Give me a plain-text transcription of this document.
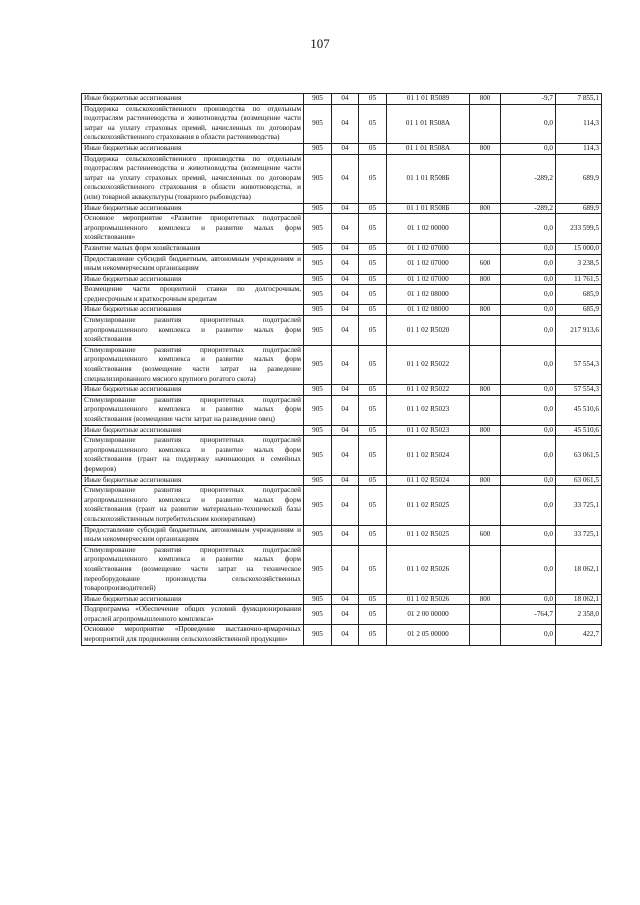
107
Иные бюджетные ассигнования	905	04	05	01 1 01 R5089	800	-9,7	7 855,1
Поддержка сельскохозяйственного производства по отдельным подотраслям растениеводства и животноводства (возмещение части затрат на уплату страховых премий, начисленных по договорам сельскохозяйственного страхования в области растениеводства)	905	04	05	01 1 01 R508A		0,0	114,3
Иные бюджетные ассигнования	905	04	05	01 1 01 R508A	800	0,0	114,3
Поддержка сельскохозяйственного производства по отдельным подотраслям растениеводства и животноводства (возмещение части затрат на уплату страховых премий, начисленных по договорам сельскохозяйственного страхования в области животноводства, и (или) товарной аквакультуры (товарного рыбоводства)	905	04	05	01 1 01 R508Б		-289,2	689,9
Иные бюджетные ассигнования	905	04	05	01 1 01 R508Б	800	-289,2	689,9
Основное мероприятие «Развитие приоритетных подотраслей агропромышленного комплекса и развитие малых форм хозяйствования»	905	04	05	01 1 02 00000		0,0	233 599,5
Развитие малых форм хозяйствования	905	04	05	01 1 02 07000		0,0	15 000,0
Предоставление субсидий бюджетным, автономным учреждениям и иным некоммерческим организациям	905	04	05	01 1 02 07000	600	0,0	3 238,5
Иные бюджетные ассигнования	905	04	05	01 1 02 07000	800	0,0	11 761,5
Возмещение части процентной ставки по долгосрочным, среднесрочным и краткосрочным кредитам	905	04	05	01 1 02 08000		0,0	685,9
Иные бюджетные ассигнования	905	04	05	01 1 02 08000	800	0,0	685,9
Стимулирование развития приоритетных подотраслей агропромышленного комплекса и развитие малых форм хозяйствования	905	04	05	01 1 02 R5020		0,0	217 913,6
Стимулирование развития приоритетных подотраслей агропромышленного комплекса и развитие малых форм хозяйствования (возмещение части затрат на разведение специализированного мясного крупного рогатого скота)	905	04	05	01 1 02 R5022		0,0	57 554,3
Иные бюджетные ассигнования	905	04	05	01 1 02 R5022	800	0,0	57 554,3
Стимулирование развития приоритетных подотраслей агропромышленного комплекса и развитие малых форм хозяйствования (возмещение части затрат на разведение овец)	905	04	05	01 1 02 R5023		0,0	45 510,6
Иные бюджетные ассигнования	905	04	05	01 1 02 R5023	800	0,0	45 510,6
Стимулирование развития приоритетных подотраслей агропромышленного комплекса и развитие малых форм хозяйствования (грант на поддержку начинающих и семейных фермеров)	905	04	05	01 1 02 R5024		0,0	63 061,5
Иные бюджетные ассигнования	905	04	05	01 1 02 R5024	800	0,0	63 061,5
Стимулирование развития приоритетных подотраслей агропромышленного комплекса и развитие малых форм хозяйствования (грант на развитие материально-технической базы сельскохозяйственным потребительским кооперативам)	905	04	05	01 1 02 R5025		0,0	33 725,1
Предоставление субсидий бюджетным, автономным учреждениям и иным некоммерческим организациям	905	04	05	01 1 02 R5025	600	0,0	33 725,1
Стимулирование развития приоритетных подотраслей агропромышленного комплекса и развитие малых форм хозяйствования (возмещение части затрат на техническое переоборудование производства сельскохозяйственных товаропроизводителей)	905	04	05	01 1 02 R5026		0,0	18 062,1
Иные бюджетные ассигнования	905	04	05	01 1 02 R5026	800	0,0	18 062,1
Подпрограмма «Обеспечение общих условий функционирования отраслей агропромышленного комплекса»	905	04	05	01 2 00 00000		-764,7	2 358,0
Основное мероприятие «Проведение выставочно-ярмарочных мероприятий для продвижения сельскохозяйственной продукции»	905	04	05	01 2 05 00000		0,0	422,7
